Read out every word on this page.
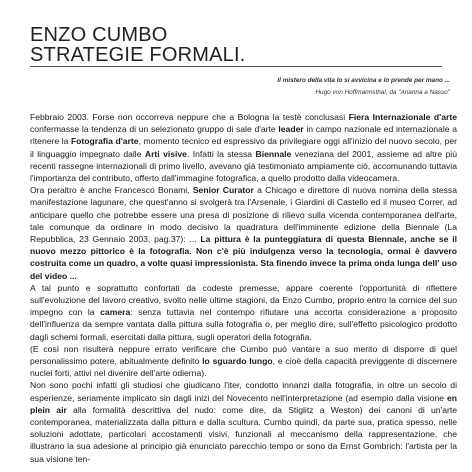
ENZO CUMBO
STRATEGIE FORMALI.
Il mistero della vita lo si avvicina e lo prende per mano ...
Hugo von Hoffmannsthal, da "Arianna a Nasso"

Febbraio 2003. Forse non occorreva neppure che a Bologna la testè conclusasi Fiera Internazionale d'arte confermasse la tendenza di un selezionato gruppo di sale d'arte leader in campo nazionale ed internazionale a ritenere la Fotografia d'arte, momento tecnico ed espressivo da privilegiare oggi all'inizio del nuovo secolo, per il linguaggio impegnato dalle Arti visive. Infatti la stessa Biennale veneziana del 2001, assieme ad altre più recenti rassegne internazionali di primo livello, avevano già testimoniato ampiamente ciò, accomunando tuttavia l'importanza del contributo, offerto dall'immagine fotografica, a quello prodotto dalla videocamera.

Ora peraltro è anche Francesco Bonami, Senior Curator a Chicago e direttore di nuova nomina della stessa manifestazione lagunare, che quest'anno si svolgerà tra l'Arsenale, i Giardini di Castello ed il museo Correr, ad anticipare quello che potrebbe essere una presa di posizione di rilievo sulla vicenda contemporanea dell'arte, tale comunque da ordinare in modo decisivo la quadratura dell'imminente edizione della Biennale (La Repubblica, 23 Gennaio 2003, pag.37): ... La pittura è la punteggiatura di questa Biennale, anche se il nuovo mezzo pittorico è la fotografia. Non c'è più indulgenza verso la tecnologia, ormai è davvero costruita come un quadro, a volte quasi impressionista. Sta finendo invece la prima onda lunga dell' uso del video ...

A tal punto e soprattutto confortati da codeste premesse, appare coerente l'opportunità di riflettere sull'evoluzione del lavoro creativo, svolto nelle ultime stagioni, da Enzo Cumbo, proprio entro la cornice del suo impegno con la camera: senza tuttavia nel contempo rifiutare una accorta considerazione a proposito dell'influenza da sempre vantata dalla pittura sulla fotografia o, per meglio dire, sull'effetto psicologico prodotto dagli schemi formali, esercitati dalla pittura, sugli operatori della fotografia.

(E così non risulterà neppure errato verificare che Cumbo può vantare a suo merito di disporre di quel personalissimo potere, abitualmente definito lo sguardo lungo, e cioè della capacità previggente di discernere nuclei forti, attivi nel divenire dell'arte odierna).

Non sono pochi infatti gli studiosi che giudicano l'iter, condotto innanzi dalla fotografia, in oltre un secolo di esperienze, seriamente implicato sin dagli inizi del Novecento nell'interpretazione (ad esempio dalla visione en plein air alla formalità descrittiva del nudo: come dire, da Stiglitz a Weston) dei canoni di un'arte contemporanea, materializzata dalla pittura e dalla scultura. Cumbo quindi, da parte sua, pratica spesso, nelle soluzioni adottate, particolari accostamenti visivi, funzionali al meccanismo della rappresentazione, che illustrano la sua adesione al principio già enunciato parecchio tempo or sono da Ernst Gombrich: l'artista per la sua visione ten-
